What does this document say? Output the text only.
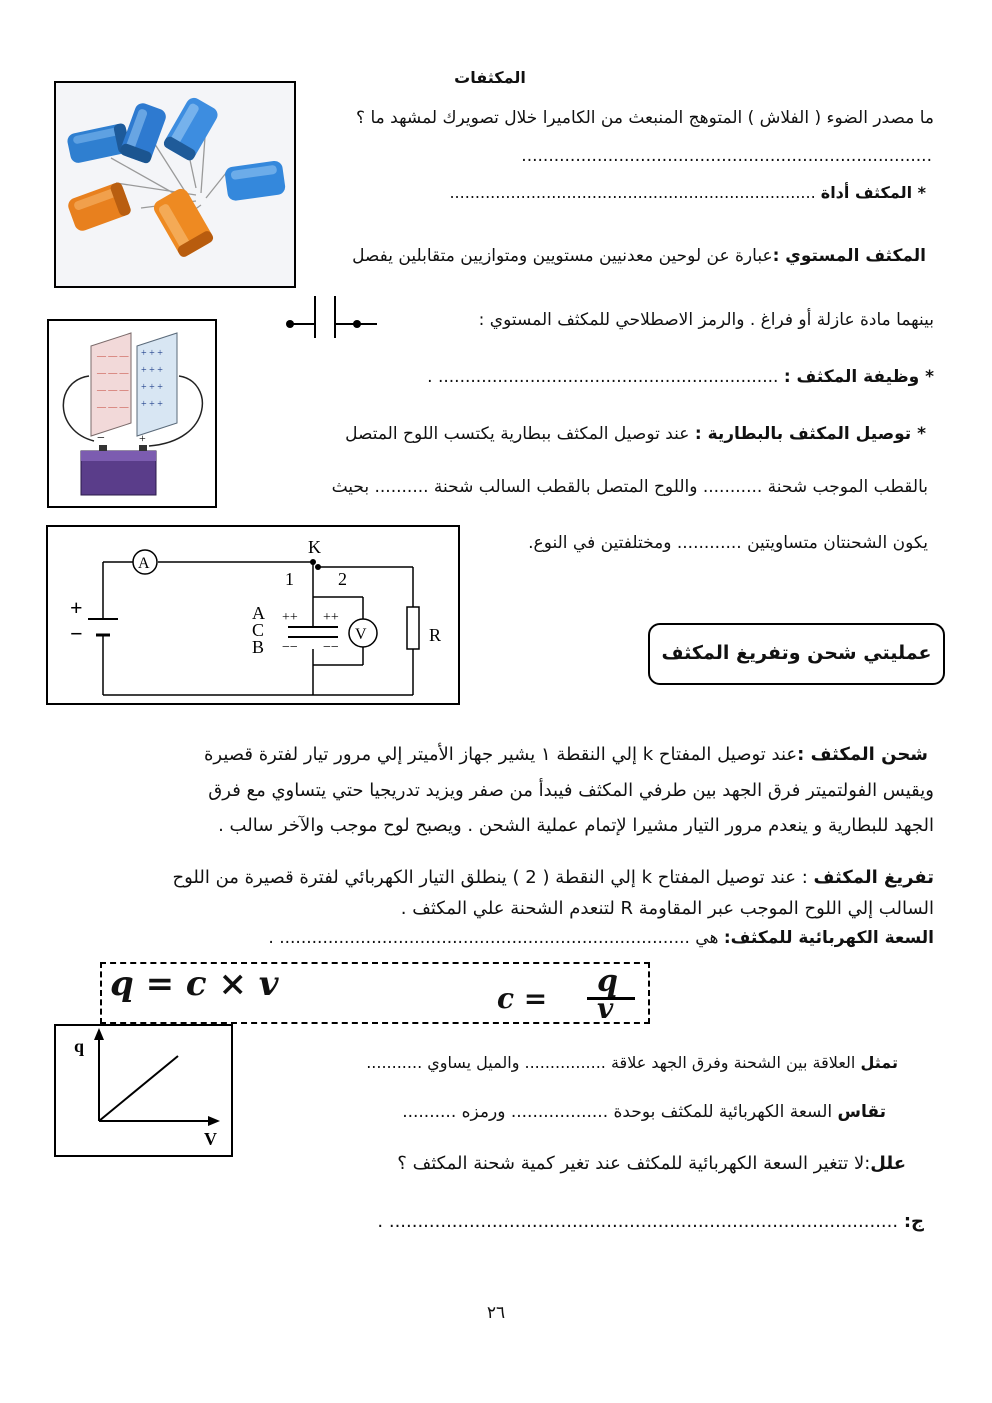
المكثفات
ما مصدر الضوء ( الفلاش ) المتوهج المنبعث من الكاميرا خلال تصويرك لمشهد ما ؟
............................................................................
* المكثف أداة ........................................................................
المكثف المستوي :عبارة عن لوحين معدنيين مستويين ومتوازيين متقابلين يفصل
بينهما مادة عازلة أو فراغ . والرمز الاصطلاحي للمكثف المستوي :
— — —
— — —
— — —
— — —
+ + +
+ + +
+ + +
+ + +
−	+
* وظيفة المكثف : ............................................................... .
* توصيل المكثف بالبطارية : عند توصيل المكثف ببطارية يكتسب اللوح المتصل
بالقطب الموجب شحنة ........... واللوح المتصل بالقطب السالب شحنة .......... بحيث
يكون الشحنتان متساويتين ............ ومختلفتين في النوع.
A
V
K
1 2
A
C
B
R
+
−
++ ++
−− −−	عمليتي شحن وتفريغ المكثف
شحن المكثف :عند توصيل المفتاح k إلي النقطة ١ يشير جهاز الأميتر إلي مرور تيار لفترة قصيرة
ويقيس الفولتميتر فرق الجهد بين طرفي المكثف فيبدأ من صفر ويزيد تدريجيا حتي يتساوي مع فرق
الجهد للبطارية و ينعدم مرور التيار مشيرا لإتمام عملية الشحن . ويصبح لوح موجب والآخر سالب .
تفريغ المكثف : عند توصيل المفتاح k إلي النقطة ( 2 ) ينطلق التيار الكهربائي لفترة قصيرة من اللوح
السالب إلي اللوح الموجب عبر المقاومة R لتنعدم الشحنة علي المكثف .
السعة الكهربائية للمكثف: هي ............................................................................ .
q = c × v	c = q
v
q
V
تمثل العلاقة بين الشحنة وفرق الجهد علاقة ................ والميل يساوي ...........
تقاس السعة الكهربائية للمكثف بوحدة .................. ورمزه ..........
علل:لا تتغير السعة الكهربائية للمكثف عند تغير كمية شحنة المكثف ؟
ج: ......................................................................................... .
٢٦
